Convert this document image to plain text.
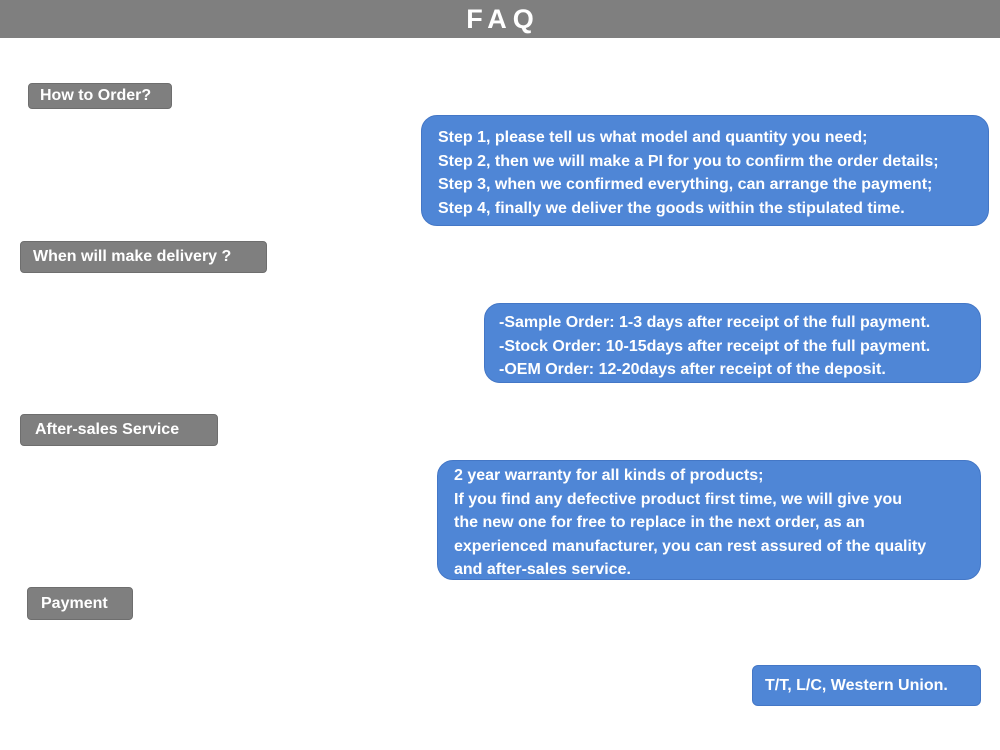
FAQ
How to Order?
Step 1, please tell us what model and quantity you need;
Step 2, then we will make a PI for you to confirm the order details;
Step 3, when we confirmed everything, can arrange the payment;
Step 4, finally we deliver the goods within the stipulated time.
When will make delivery ?
-Sample Order: 1-3 days after receipt of the full payment.
-Stock Order: 10-15days after receipt of the full payment.
-OEM Order: 12-20days after receipt of the deposit.
After-sales Service
2 year warranty for all kinds of products;
If you find any defective product first time, we will give you
the new one for free to replace in the next order, as an
experienced manufacturer, you can rest assured of the quality
and after-sales service.
Payment
T/T, L/C, Western Union.
